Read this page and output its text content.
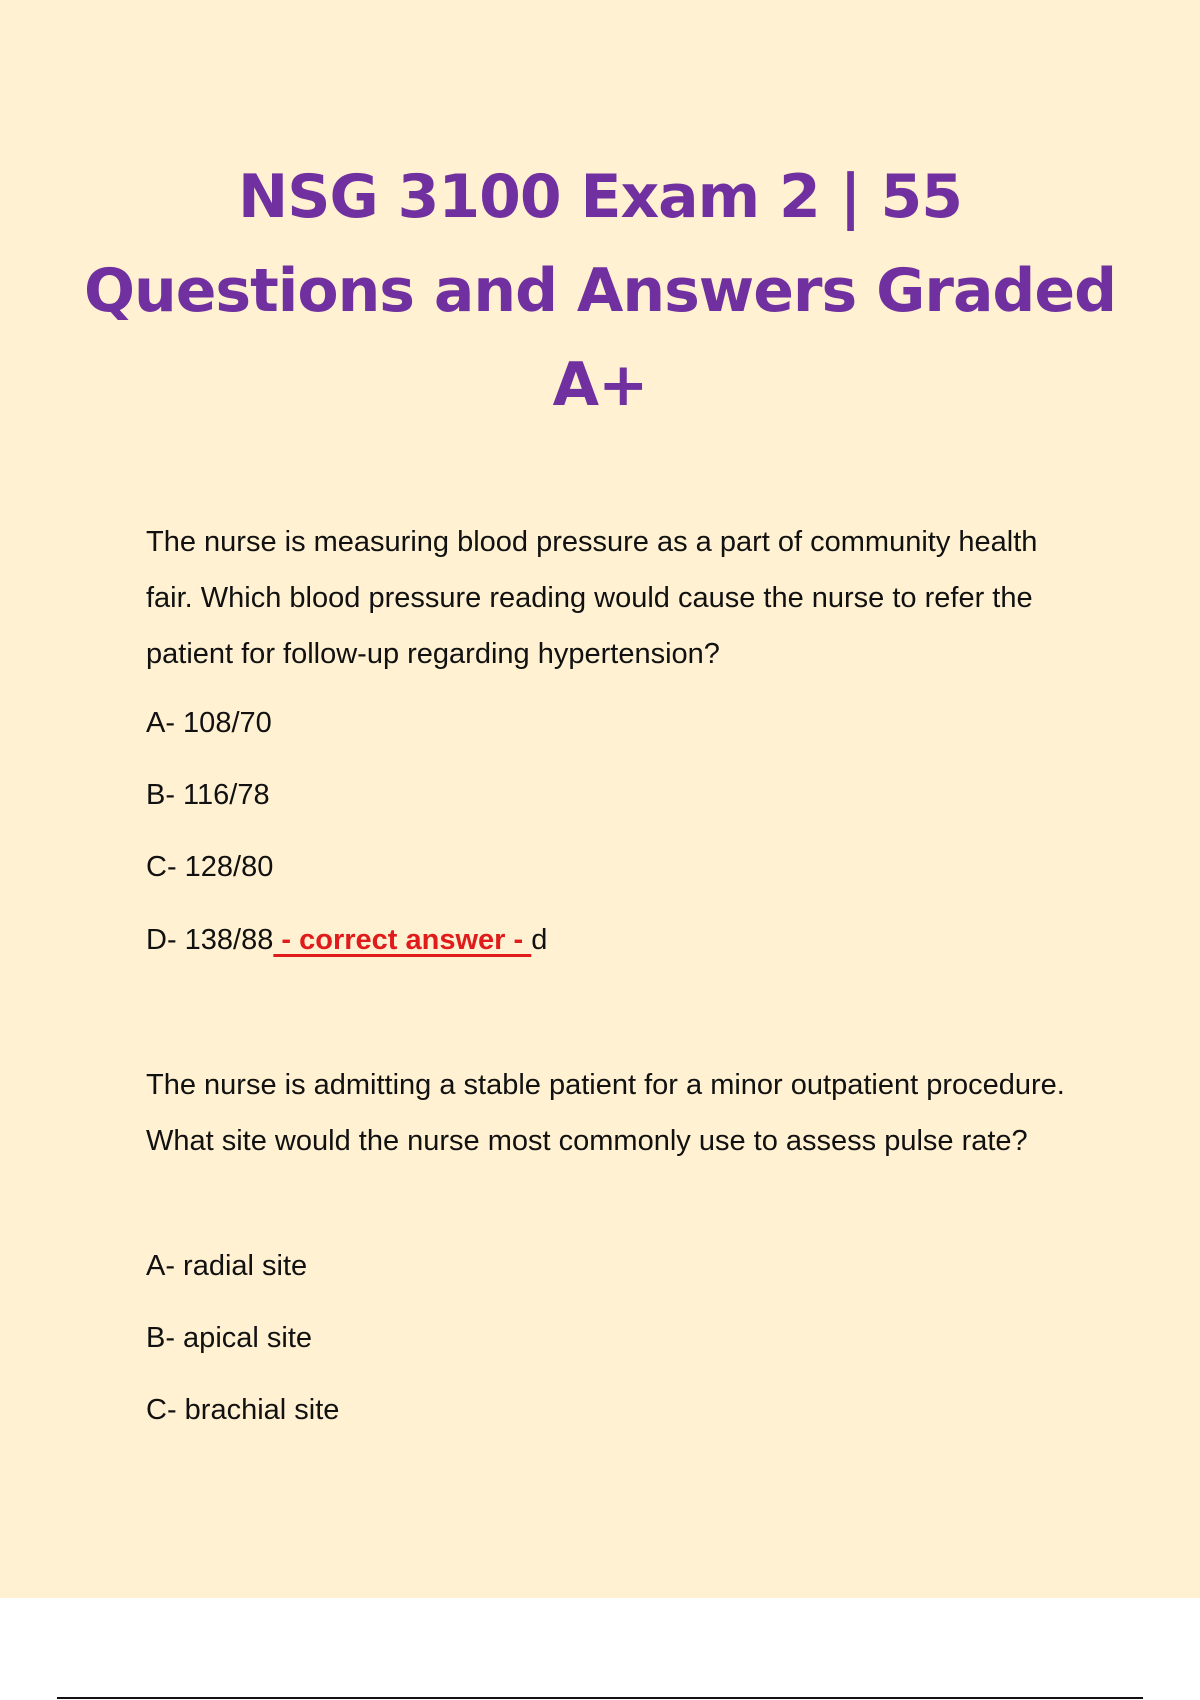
NSG 3100 Exam 2 | 55
Questions and Answers Graded
A+
The nurse is measuring blood pressure as a part of community health fair. Which blood pressure reading would cause the nurse to refer the patient for follow-up regarding hypertension?
A- 108/70
B- 116/78
C- 128/80
D- 138/88 - correct answer - d
The nurse is admitting a stable patient for a minor outpatient procedure. What site would the nurse most commonly use to assess pulse rate?
A- radial site
B- apical site
C- brachial site
